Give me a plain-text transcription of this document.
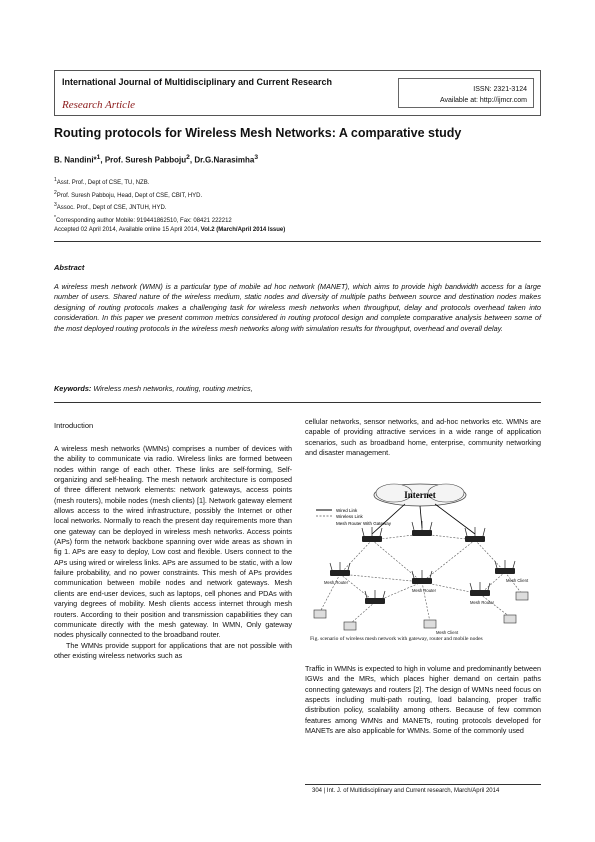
International Journal of Multidisciplinary and Current Research
Research Article
ISSN: 2321-3124
Available at: http://ijmcr.com
Routing protocols for Wireless Mesh Networks: A comparative study
B. Nandini*$^1$, Prof. Suresh Pabboju$^2$, Dr.G.Narasimha$^3$
$^1$Asst. Prof., Dept of CSE, TU, NZB.
$^2$Prof. Suresh Pabboju, Head, Dept of CSE, CBIT, HYD.
$^3$Assoc. Prof., Dept of CSE, JNTUH, HYD.
*Corresponding author Mobile: 919441862510, Fax: 08421 222212
Accepted 02 April 2014, Available online 15 April 2014, Vol.2 (March/April 2014 Issue)
Abstract
A wireless mesh network (WMN) is a particular type of mobile ad hoc network (MANET), which aims to provide high bandwidth access for a large number of users. Shared nature of the wireless medium, static nodes and diversity of multiple paths between source and destination nodes makes designing of routing protocols makes a challenging task for wireless mesh networks when throughput, delay and protocols overhead taken into consideration. In this paper we present common metrics considered in routing protocol design and complete comparative analysis between some of the most deployed routing protocols in the wireless mesh networks along with simulation results for throughput, overhead and overall delay.
Keywords: Wireless mesh networks, routing, routing metrics,
Introduction
A wireless mesh networks (WMNs) comprises a number of devices with the ability to communicate via radio. Wireless links are formed between nodes within range of each other. These links are self-forming, Self-organizing and self-healing. The mesh network architecture is composed of three different network elements: network gateways, access points (mesh routers), mobile nodes (mesh clients) [1]. Network gateway element allows access to the wired infrastructure, possibly the Internet or other local networks. Normally to reach the present day requirements more than one gateway can be deployed in wireless mesh networks. Access points (APs) form the network backbone spanning over wide areas as shown in fig 1. APs are easy to deploy, Low cost and flexible. Users connect to the APs using wired or wireless links. APs are assumed to be static, with a low failure probability, and no power constraints. This mesh of APs provides communication between mobile nodes and network gateways. Mesh clients are end-user devices, such as laptops, cell phones and PDAs with varying degrees of mobility. Mesh clients access internet through mesh routers. According to their position and transmission capabilities they can communicate directly with the mesh gateway. In WMN, Only gateway nodes physically connected to the broadband router.
The WMNs provide support for applications that are not possible with other existing wireless networks such as
cellular networks, sensor networks, and ad-hoc networks etc. WMNs are capable of providing attractive services in a wide range of application scenarios, such as broadband home, enterprise, community networking and disaster management.
Internet
Wired Link
Wireless Link
Mesh Router With Gateway
Mesh Router
Mesh Router
Mesh Router
Mesh Client
Mesh Client
Fig. scenario of wireless mesh network with gateway, router and mobile nodes
Traffic in WMNs is expected to high in volume and predominantly between IGWs and the MRs, which places higher demand on certain paths connecting gateways and routers [2]. The design of WMNs need focus on aspects including multi-path routing, load balancing, proper traffic distribution policy, scalability among others. Because of few common features among WMNs and MANETs, routing protocols developed for MANETs are also applicable for WMNs. Some of the commonly used
304 | Int. J. of Multidisciplinary and Current research, March/April 2014
